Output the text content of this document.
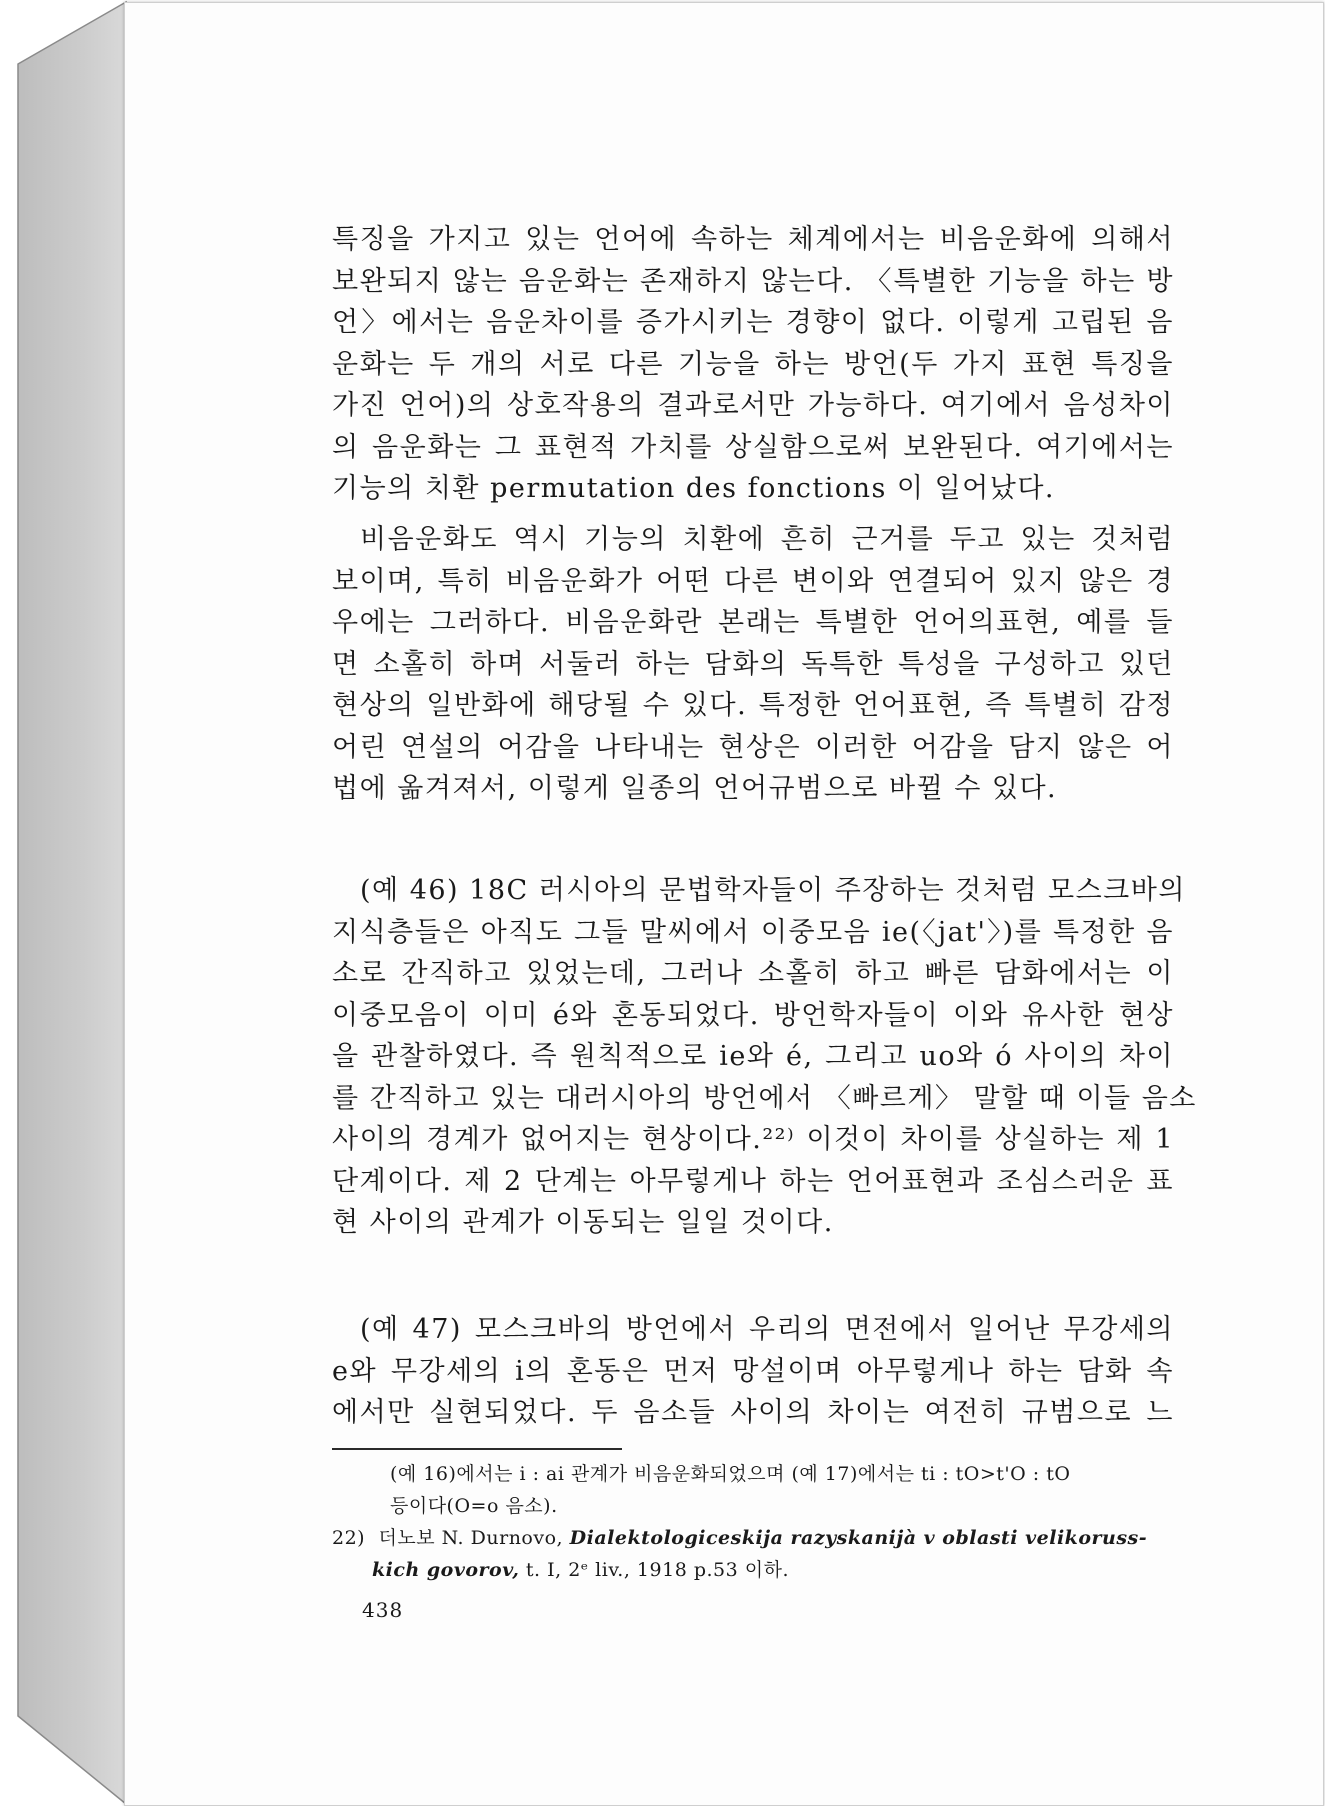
특징을 가지고 있는 언어에 속하는 체계에서는 비음운화에 의해서
보완되지 않는 음운화는 존재하지 않는다. 〈특별한 기능을 하는 방
언〉에서는 음운차이를 증가시키는 경향이 없다. 이렇게 고립된 음
운화는 두 개의 서로 다른 기능을 하는 방언(두 가지 표현 특징을
가진 언어)의 상호작용의 결과로서만 가능하다. 여기에서 음성차이
의 음운화는 그 표현적 가치를 상실함으로써 보완된다. 여기에서는
기능의 치환 permutation des fonctions 이 일어났다.
비음운화도 역시 기능의 치환에 흔히 근거를 두고 있는 것처럼
보이며, 특히 비음운화가 어떤 다른 변이와 연결되어 있지 않은 경
우에는 그러하다. 비음운화란 본래는 특별한 언어의표현, 예를 들
면 소홀히 하며 서둘러 하는 담화의 독특한 특성을 구성하고 있던
현상의 일반화에 해당될 수 있다. 특정한 언어표현, 즉 특별히 감정
어린 연설의 어감을 나타내는 현상은 이러한 어감을 담지 않은 어
법에 옮겨져서, 이렇게 일종의 언어규범으로 바뀔 수 있다.
(예 46) 18C 러시아의 문법학자들이 주장하는 것처럼 모스크바의
지식층들은 아직도 그들 말씨에서 이중모음 ie(〈jat'〉)를 특정한 음
소로 간직하고 있었는데, 그러나 소홀히 하고 빠른 담화에서는 이
이중모음이 이미 é와 혼동되었다. 방언학자들이 이와 유사한 현상
을 관찰하였다. 즉 원칙적으로 ie와 é, 그리고 uo와 ó 사이의 차이
를 간직하고 있는 대러시아의 방언에서 〈빠르게〉 말할 때 이들 음소
사이의 경계가 없어지는 현상이다.²²⁾ 이것이 차이를 상실하는 제 1
단계이다. 제 2 단계는 아무렇게나 하는 언어표현과 조심스러운 표
현 사이의 관계가 이동되는 일일 것이다.
(예 47) 모스크바의 방언에서 우리의 면전에서 일어난 무강세의
e와 무강세의 i의 혼동은 먼저 망설이며 아무렇게나 하는 담화 속
에서만 실현되었다. 두 음소들 사이의 차이는 여전히 규범으로 느
(예 16)에서는 i : ai 관계가 비음운화되었으며 (예 17)에서는 ti : tO>t'O : tO
등이다(O=o 음소).
22) 더노보 N. Durnovo, Dialektologiceskija razyskanijà v oblasti velikoruss-
kich govorov, t. Ⅰ, 2ᵉ liv., 1918 p.53 이하.
438
